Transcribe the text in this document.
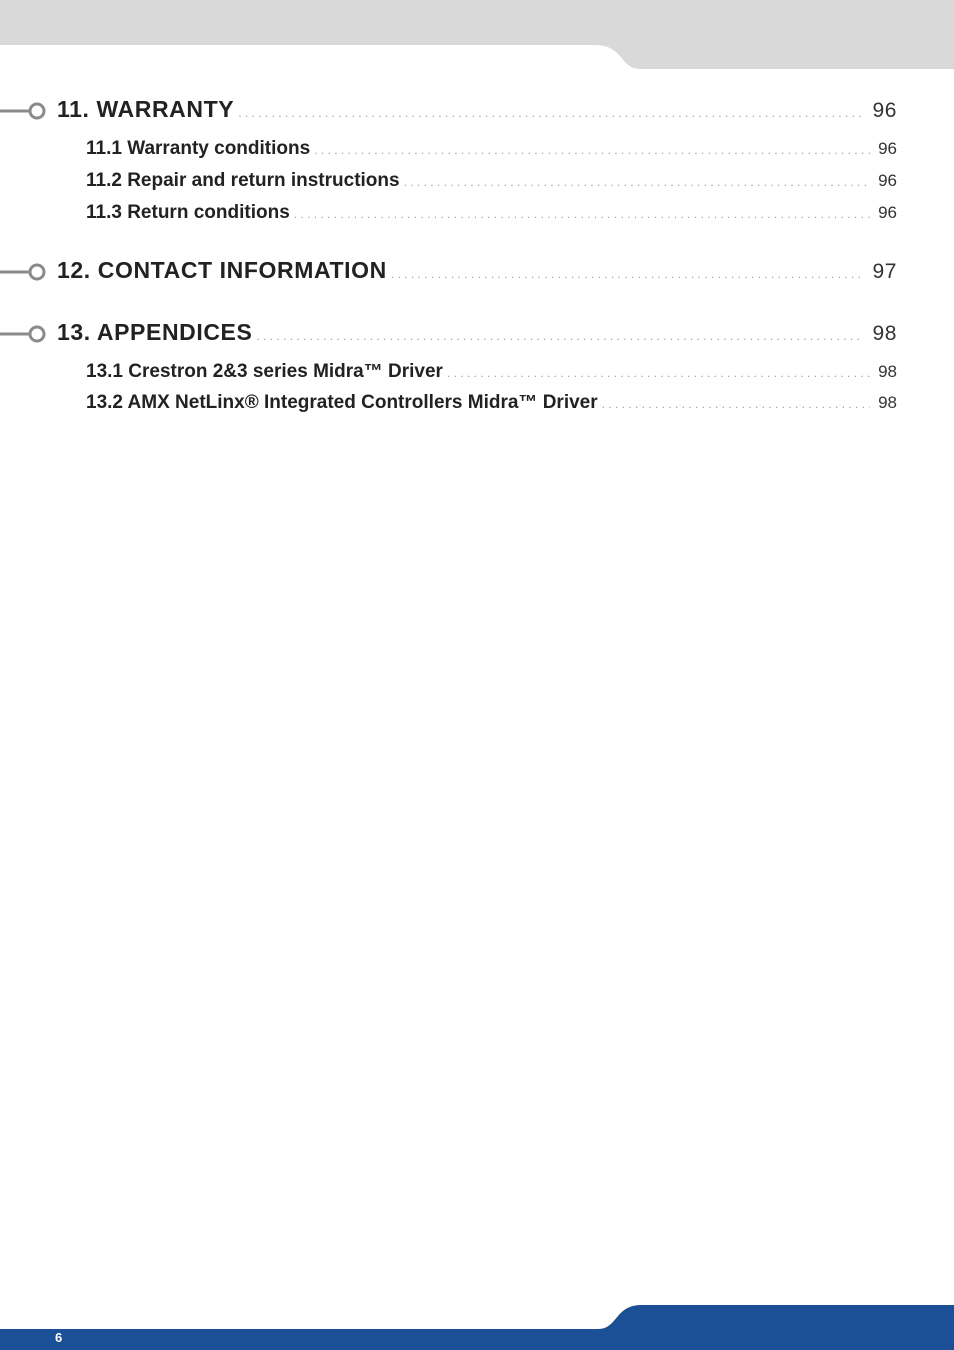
11. WARRANTY . . .	96
11.1 Warranty conditions . . .	96
11.2 Repair and return instructions . . .	96
11.3 Return conditions . . .	96
12. CONTACT INFORMATION . . .	97
13. APPENDICES . . .	98
13.1 Crestron 2&3 series Midra™ Driver . . .	98
13.2 AMX NetLinx® Integrated Controllers Midra™ Driver . . .	98
6
